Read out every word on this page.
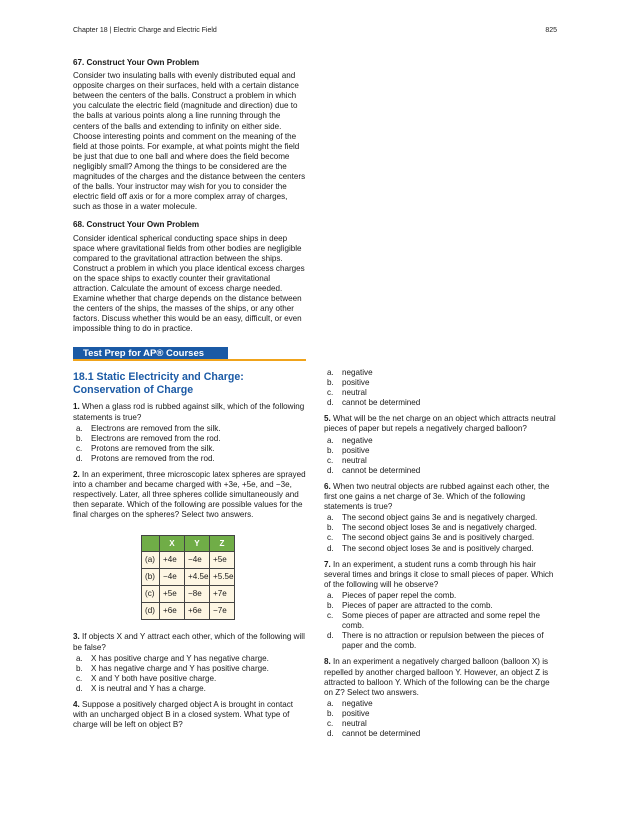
Chapter 18 | Electric Charge and Electric Field	825
67. Construct Your Own Problem
Consider two insulating balls with evenly distributed equal and opposite charges on their surfaces, held with a certain distance between the centers of the balls. Construct a problem in which you calculate the electric field (magnitude and direction) due to the balls at various points along a line running through the centers of the balls and extending to infinity on either side. Choose interesting points and comment on the meaning of the field at those points. For example, at what points might the field be just that due to one ball and where does the field become negligibly small? Among the things to be considered are the magnitudes of the charges and the distance between the centers of the balls. Your instructor may wish for you to consider the electric field off axis or for a more complex array of charges, such as those in a water molecule.
68. Construct Your Own Problem
Consider identical spherical conducting space ships in deep space where gravitational fields from other bodies are negligible compared to the gravitational attraction between the ships. Construct a problem in which you place identical excess charges on the space ships to exactly counter their gravitational attraction. Calculate the amount of excess charge needed. Examine whether that charge depends on the distance between the centers of the ships, the masses of the ships, or any other factors. Discuss whether this would be an easy, difficult, or even impossible thing to do in practice.
Test Prep for AP® Courses
18.1 Static Electricity and Charge: Conservation of Charge
1. When a glass rod is rubbed against silk, which of the following statements is true?
a.	Electrons are removed from the silk.
b.	Electrons are removed from the rod.
c.	Protons are removed from the silk.
d.	Protons are removed from the rod.
2. In an experiment, three microscopic latex spheres are sprayed into a chamber and became charged with +3e, +5e, and −3e, respectively. Later, all three spheres collide simultaneously and then separate. Which of the following are possible values for the final charges on the spheres? Select two answers.
	X	Y	Z
(a)	+4e	−4e	+5e
(b)	−4e	+4.5e	+5.5e
(c)	+5e	−8e	+7e
(d)	+6e	+6e	−7e
3. If objects X and Y attract each other, which of the following will be false?
a.	X has positive charge and Y has negative charge.
b.	X has negative charge and Y has positive charge.
c.	X and Y both have positive charge.
d.	X is neutral and Y has a charge.
4. Suppose a positively charged object A is brought in contact with an uncharged object B in a closed system. What type of charge will be left on object B?
a.	negative
b.	positive
c.	neutral
d.	cannot be determined
5. What will be the net charge on an object which attracts neutral pieces of paper but repels a negatively charged balloon?
a.	negative
b.	positive
c.	neutral
d.	cannot be determined
6. When two neutral objects are rubbed against each other, the first one gains a net charge of 3e. Which of the following statements is true?
a.	The second object gains 3e and is negatively charged.
b.	The second object loses 3e and is negatively charged.
c.	The second object gains 3e and is positively charged.
d.	The second object loses 3e and is positively charged.
7. In an experiment, a student runs a comb through his hair several times and brings it close to small pieces of paper. Which of the following will he observe?
a.	Pieces of paper repel the comb.
b.	Pieces of paper are attracted to the comb.
c.	Some pieces of paper are attracted and some repel the comb.
d.	There is no attraction or repulsion between the pieces of paper and the comb.
8. In an experiment a negatively charged balloon (balloon X) is repelled by another charged balloon Y. However, an object Z is attracted to balloon Y. Which of the following can be the charge on Z? Select two answers.
a.	negative
b.	positive
c.	neutral
d.	cannot be determined
